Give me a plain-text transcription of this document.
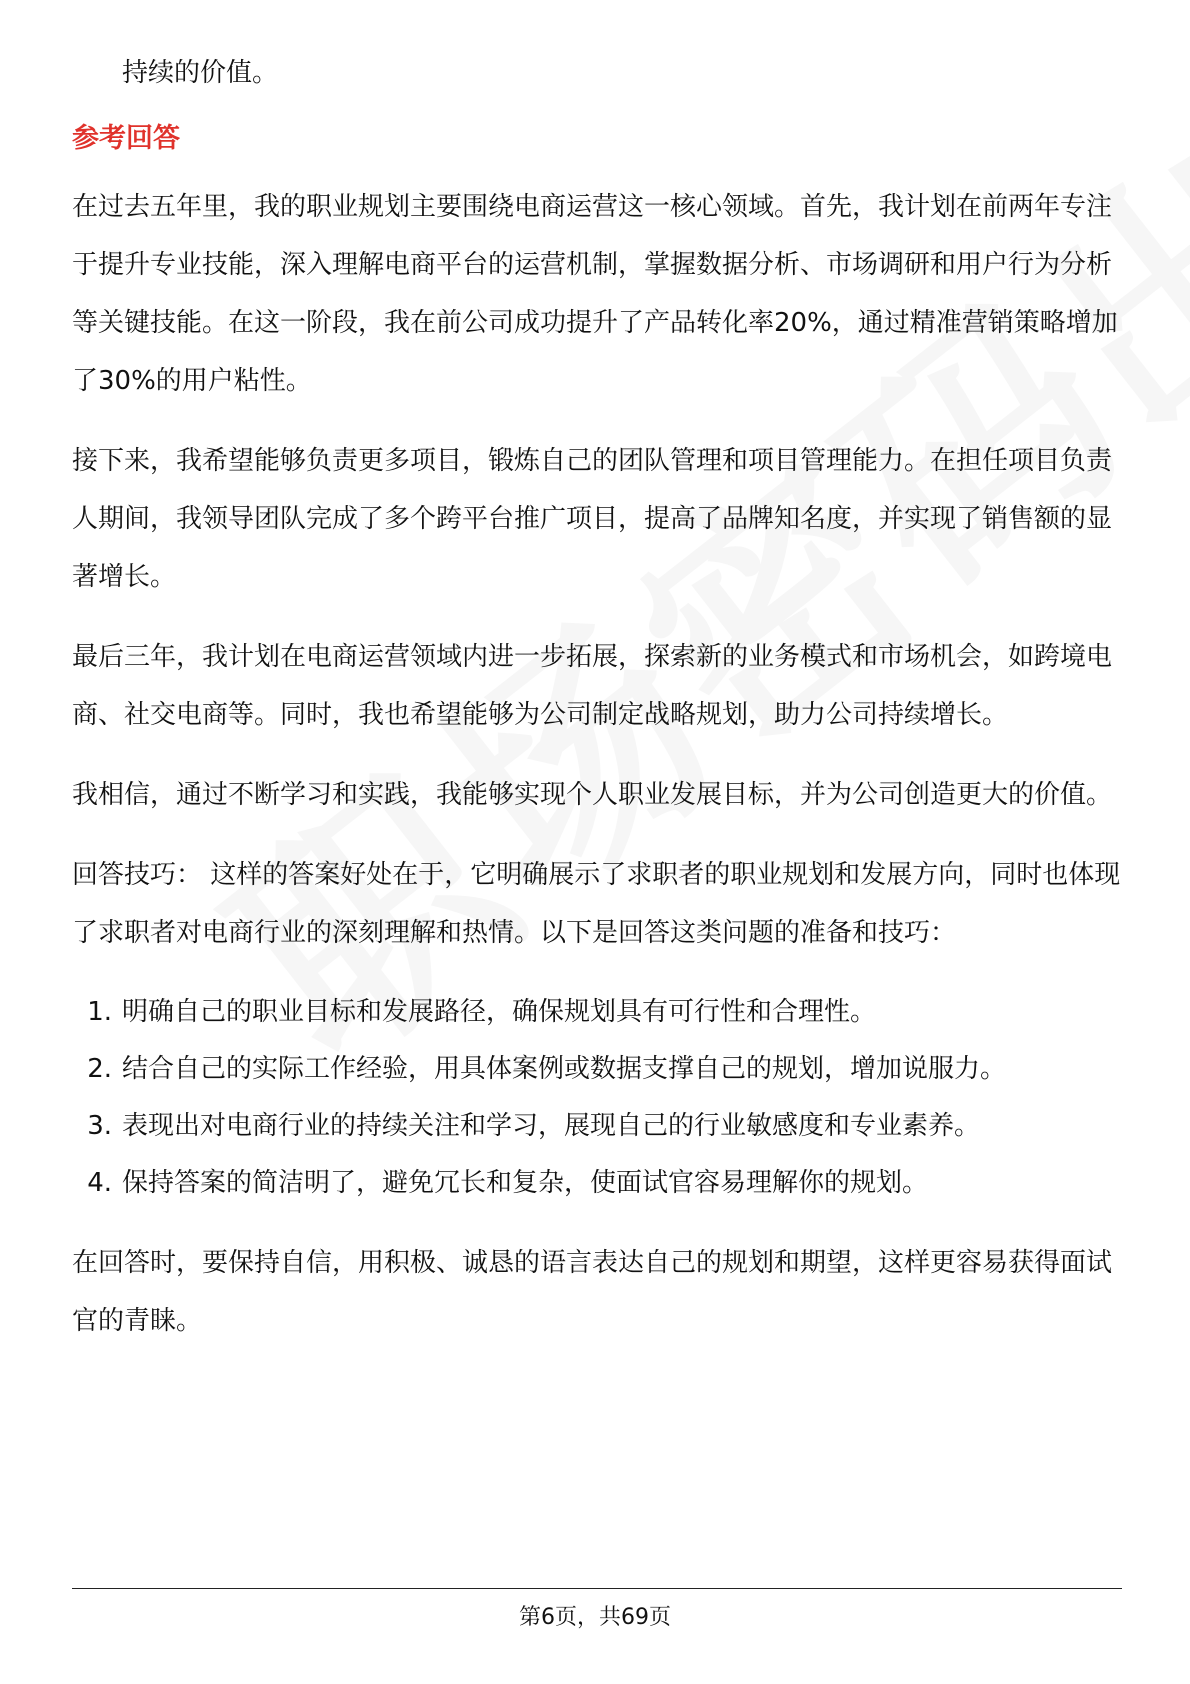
持续的价值。

参考回答

在过去五年里，我的职业规划主要围绕电商运营这一核心领域。首先，我计划在前两年专注于提升专业技能，深入理解电商平台的运营机制，掌握数据分析、市场调研和用户行为分析等关键技能。在这一阶段，我在前公司成功提升了产品转化率20%，通过精准营销策略增加了30%的用户粘性。

接下来，我希望能够负责更多项目，锻炼自己的团队管理和项目管理能力。在担任项目负责人期间，我领导团队完成了多个跨平台推广项目，提高了品牌知名度，并实现了销售额的显著增长。

最后三年，我计划在电商运营领域内进一步拓展，探索新的业务模式和市场机会，如跨境电商、社交电商等。同时，我也希望能够为公司制定战略规划，助力公司持续增长。

我相信，通过不断学习和实践，我能够实现个人职业发展目标，并为公司创造更大的价值。

回答技巧： 这样的答案好处在于，它明确展示了求职者的职业规划和发展方向，同时也体现了求职者对电商行业的深刻理解和热情。以下是回答这类问题的准备和技巧：

1. 明确自己的职业目标和发展路径，确保规划具有可行性和合理性。
2. 结合自己的实际工作经验，用具体案例或数据支撑自己的规划，增加说服力。
3. 表现出对电商行业的持续关注和学习，展现自己的行业敏感度和专业素养。
4. 保持答案的简洁明了，避免冗长和复杂，使面试官容易理解你的规划。

在回答时，要保持自信，用积极、诚恳的语言表达自己的规划和期望，这样更容易获得面试官的青睐。

第6页，共69页
